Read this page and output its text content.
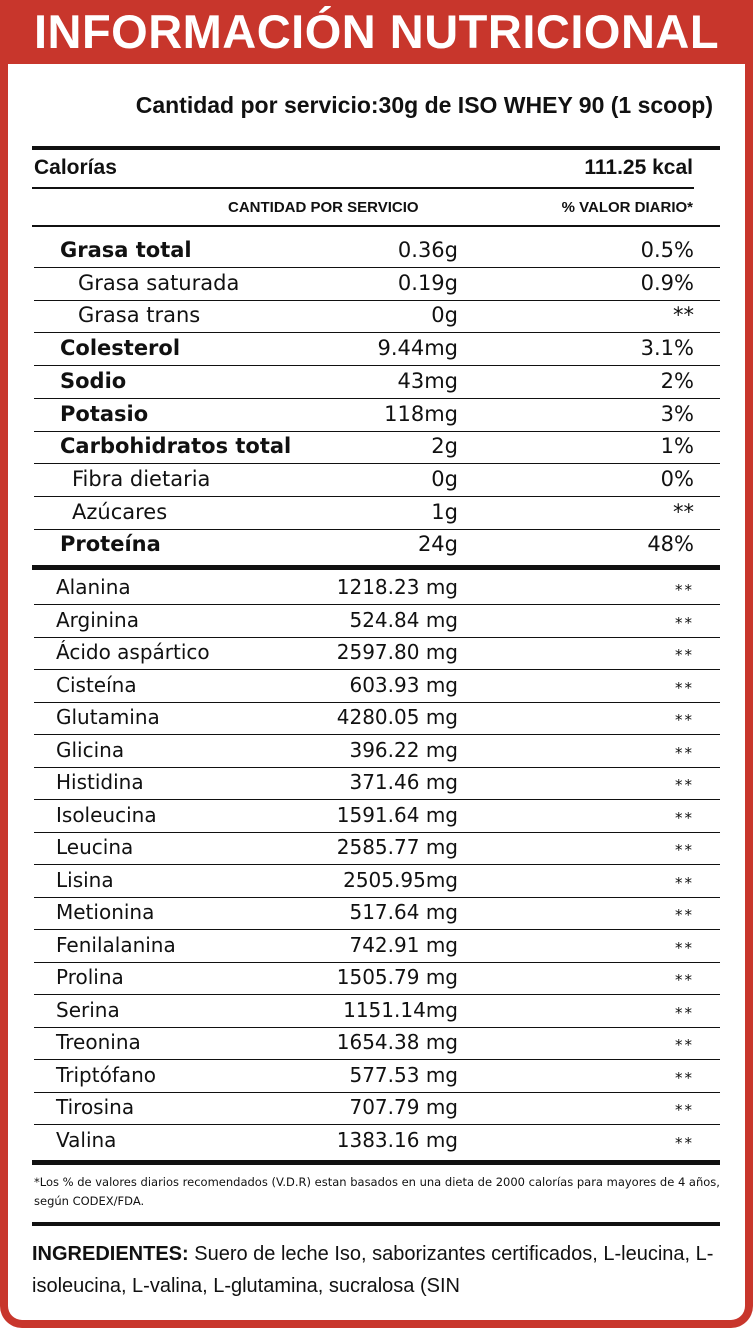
INFORMACIÓN NUTRICIONAL
Cantidad por servicio:30g de ISO WHEY 90 (1 scoop)
Calorías	111.25 kcal
CANTIDAD POR SERVICIO	% VALOR DIARIO*
Grasa total	0.36g	0.5%
Grasa saturada	0.19g	0.9%
Grasa trans	0g	**
Colesterol	9.44mg	3.1%
Sodio	43mg	2%
Potasio	118mg	3%
Carbohidratos total	2g	1%
Fibra dietaria	0g	0%
Azúcares	1g	**
Proteína	24g	48%
Alanina	1218.23 mg	**
Arginina	524.84 mg	**
Ácido aspártico	2597.80 mg	**
Cisteína	603.93 mg	**
Glutamina	4280.05 mg	**
Glicina	396.22 mg	**
Histidina	371.46 mg	**
Isoleucina	1591.64 mg	**
Leucina	2585.77 mg	**
Lisina	2505.95mg	**
Metionina	517.64 mg	**
Fenilalanina	742.91 mg	**
Prolina	1505.79 mg	**
Serina	1151.14mg	**
Treonina	1654.38 mg	**
Triptófano	577.53 mg	**
Tirosina	707.79 mg	**
Valina	1383.16 mg	**
*Los % de valores diarios recomendados (V.D.R) estan basados en una dieta de 2000 calorías para mayores de 4 años, según CODEX/FDA.
INGREDIENTES: Suero de leche Iso, saborizantes certificados, L-leucina, L-isoleucina, L-valina, L-glutamina, sucralosa (SIN
